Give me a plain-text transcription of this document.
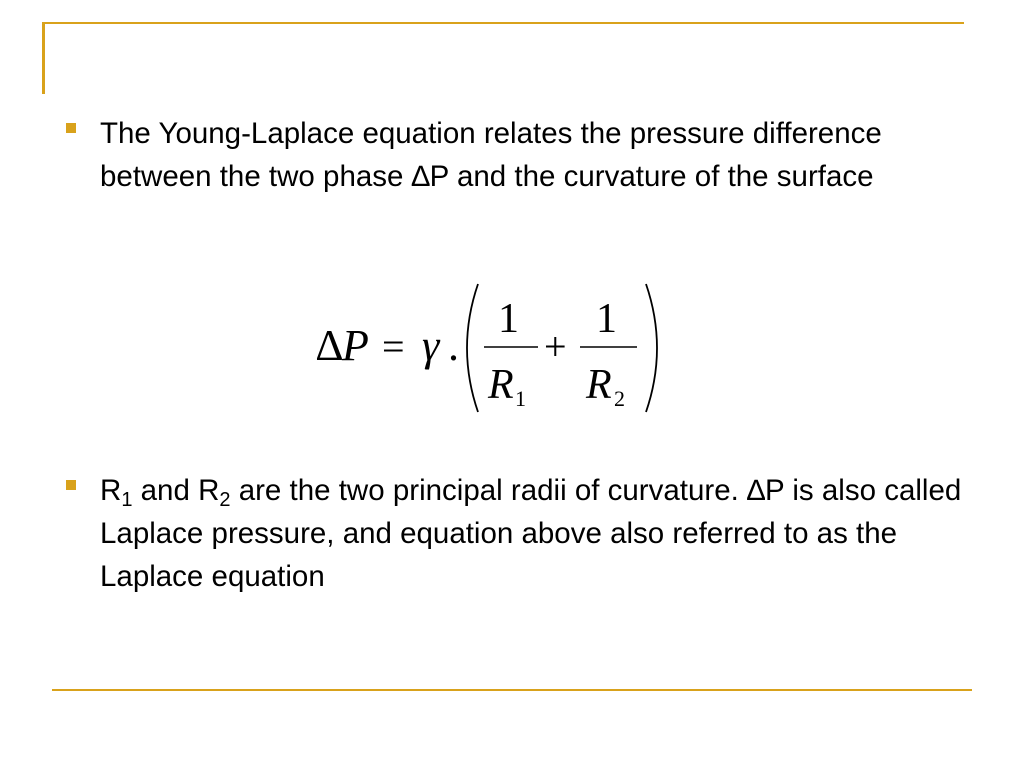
The Young-Laplace equation relates the pressure difference between the two phase ∆P and the curvature of the surface
∆ P = γ .
1
R 1
+
1
R 2
$R_1$ and $R_2$ are the two principal radii of curvature. ∆P is also called Laplace pressure, and equation above also referred to as the Laplace equation
